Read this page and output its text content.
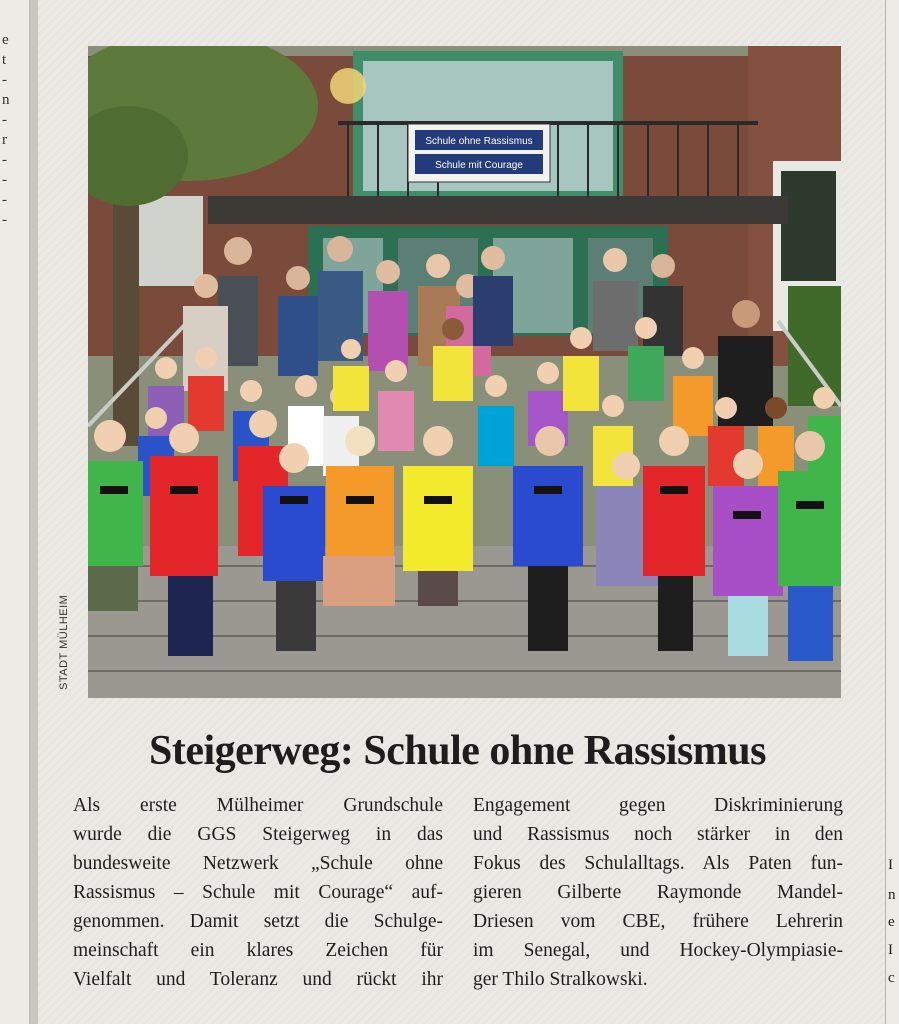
e
t
-
n
-
r
-
-
-
-
I
n
e
I
c
Schule ohne Rassismus
Schule mit Courage
STADT MÜLHEIM
Steigerweg: Schule ohne Rassismus
Als erste Mülheimer Grundschule
wurde die GGS Steigerweg in das
bundesweite Netzwerk „Schule ohne
Rassismus – Schule mit Courage“ auf-
genommen. Damit setzt die Schulge-
meinschaft ein klares Zeichen für
Vielfalt und Toleranz und rückt ihr
Engagement gegen Diskriminierung
und Rassismus noch stärker in den
Fokus des Schulalltags. Als Paten fun-
gieren Gilberte Raymonde Mandel-
Driesen vom CBE, frühere Lehrerin
im Senegal, und Hockey-Olympiasie-
ger Thilo Stralkowski.
